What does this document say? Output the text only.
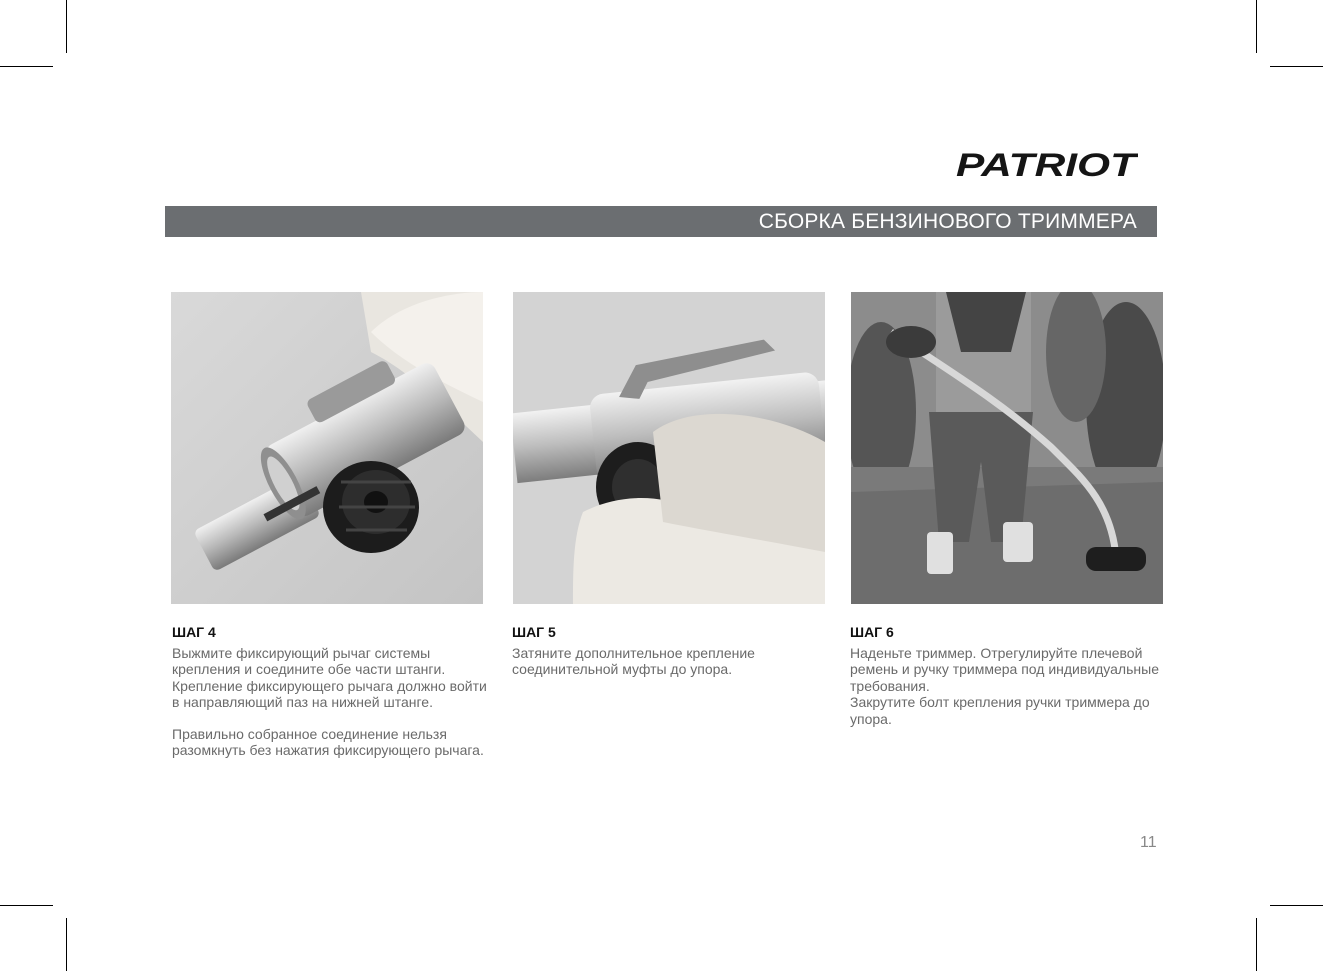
PATRIOT
СБОРКА БЕНЗИНОВОГО ТРИММЕРА

ШАГ 4

Выжмите фиксирующий рычаг системы крепления и соедините обе части штанги. Крепление фиксирующего рычага должно войти в направляющий паз на нижней штанге.

Правильно собранное соединение нельзя разомкнуть без нажатия фиксирующего рычага.

ШАГ 5

Затяните дополнительное крепление соединительной муфты до упора.

ШАГ 6

Наденьте триммер. Отрегулируйте плечевой ремень и ручку триммера под индивидуальные требования.

Закрутите болт крепления ручки триммера до упора.

11
